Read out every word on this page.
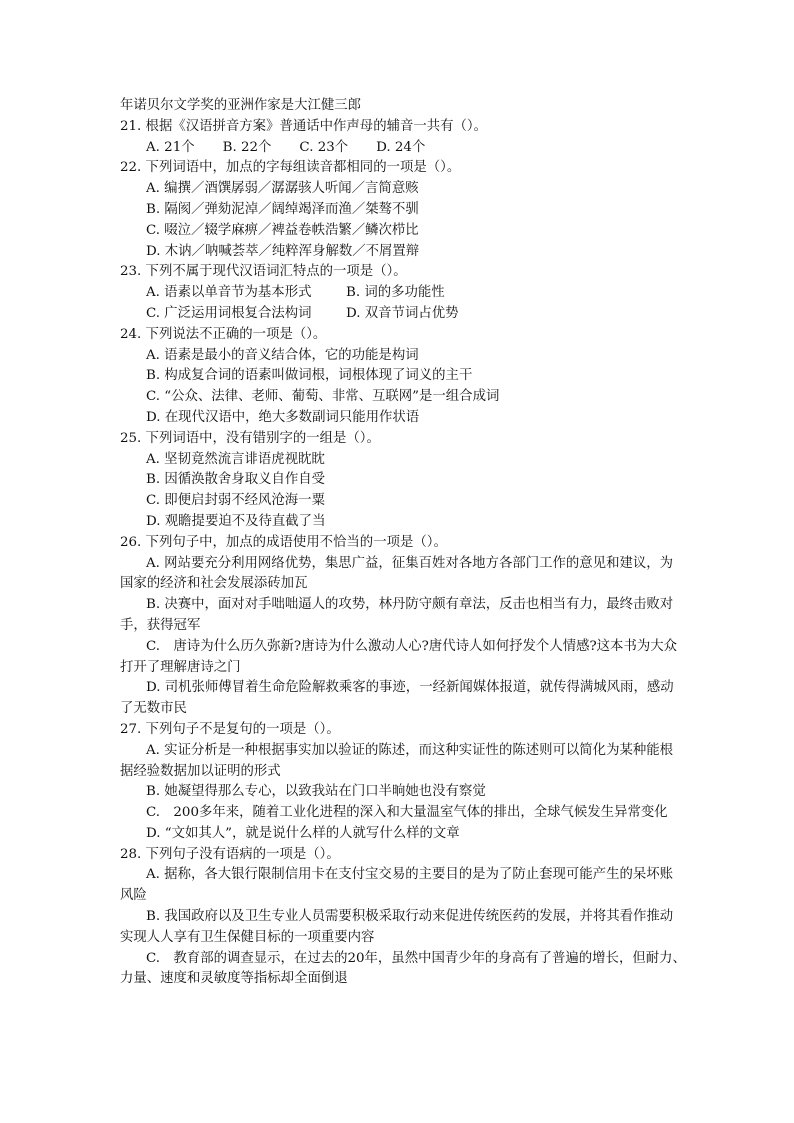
年诺贝尔文学奖的亚洲作家是大江健三郎
21. 根据《汉语拼音方案》普通话中作声母的辅音一共有（）。
A. 21个 B. 22个 C. 23个 D. 24个
22. 下列词语中，加点的字每组读音都相同的一项是（）。
A. 编撰／酒馔孱弱／潺潺骇人听闻／言简意赅
B. 隔阂／弹劾泥淖／阔绰竭泽而渔／桀骜不驯
C. 啜泣／辍学麻痹／裨益卷帙浩繁／鳞次栉比
D. 木讷／呐喊荟萃／纯粹浑身解数／不屑置辩
23. 下列不属于现代汉语词汇特点的一项是（）。
A. 语素以单音节为基本形式	B. 词的多功能性
C. 广泛运用词根复合法构词	D. 双音节词占优势
24. 下列说法不正确的一项是（）。
A. 语素是最小的音义结合体，它的功能是构词
B. 构成复合词的语素叫做词根，词根体现了词义的主干
C. “公众、法律、老师、葡萄、非常、互联网”是一组合成词
D. 在现代汉语中，绝大多数副词只能用作状语
25. 下列词语中，没有错别字的一组是（）。
A. 坚韧竟然流言诽语虎视眈眈
B. 因循涣散舍身取义自作自受
C. 即便启封弱不经风沧海一粟
D. 观瞻提要迫不及待直截了当
26. 下列句子中，加点的成语使用不恰当的一项是（）。
A. 网站要充分利用网络优势，集思广益，征集百姓对各地方各部门工作的意见和建议，为国家的经济和社会发展添砖加瓦
B. 决赛中，面对对手咄咄逼人的攻势，林丹防守颇有章法，反击也相当有力，最终击败对手，获得冠军
C.　唐诗为什么历久弥新?唐诗为什么激动人心?唐代诗人如何抒发个人情感?这本书为大众打开了理解唐诗之门
D. 司机张师傅冒着生命危险解救乘客的事迹，一经新闻媒体报道，就传得满城风雨，感动了无数市民
27. 下列句子不是复句的一项是（）。
A. 实证分析是一种根据事实加以验证的陈述，而这种实证性的陈述则可以简化为某种能根据经验数据加以证明的形式
B. 她凝望得那么专心，以致我站在门口半晌她也没有察觉
C.　200多年来，随着工业化进程的深入和大量温室气体的排出，全球气候发生异常变化
D. “文如其人”，就是说什么样的人就写什么样的文章
28. 下列句子没有语病的一项是（）。
A. 据称，各大银行限制信用卡在支付宝交易的主要目的是为了防止套现可能产生的呆坏账风险
B. 我国政府以及卫生专业人员需要积极采取行动来促进传统医药的发展，并将其看作推动实现人人享有卫生保健目标的一项重要内容
C.　教育部的调查显示，在过去的20年，虽然中国青少年的身高有了普遍的增长，但耐力、力量、速度和灵敏度等指标却全面倒退
